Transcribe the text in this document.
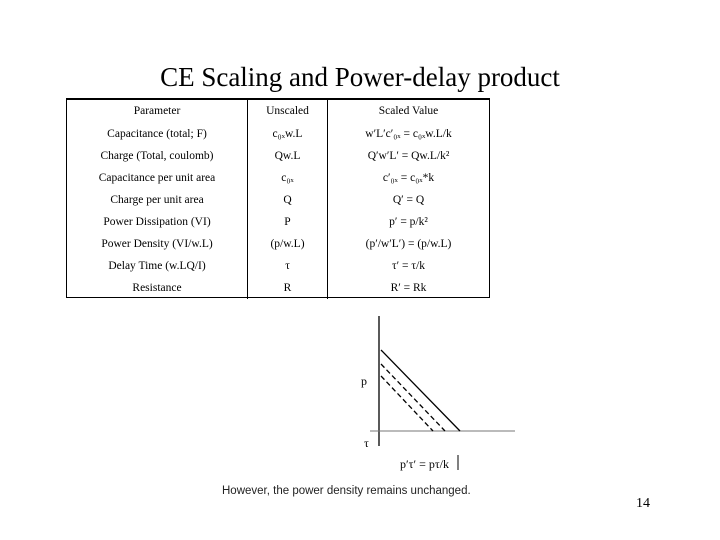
CE Scaling and Power-delay product
Parameter	Unscaled	Scaled Value
Capacitance (total; F)	c₀ₓw.L	w′L′c′₀ₓ = c₀ₓw.L/k
Charge (Total, coulomb)	Qw.L	Q′w′L′ = Qw.L/k²
Capacitance per unit area	c₀ₓ	c′₀ₓ = c₀ₓ*k
Charge per unit area	Q	Q′ = Q
Power Dissipation (VI)	P	p′ = p/k²
Power Density (VI/w.L)	(p/w.L)	(p′/w′L′) = (p/w.L)
Delay Time (w.LQ/I)	τ	τ′ = τ/k
Resistance	R	R′ = Rk
p
τ
p′τ′ = pτ/k
However, the power density remains unchanged.
14
